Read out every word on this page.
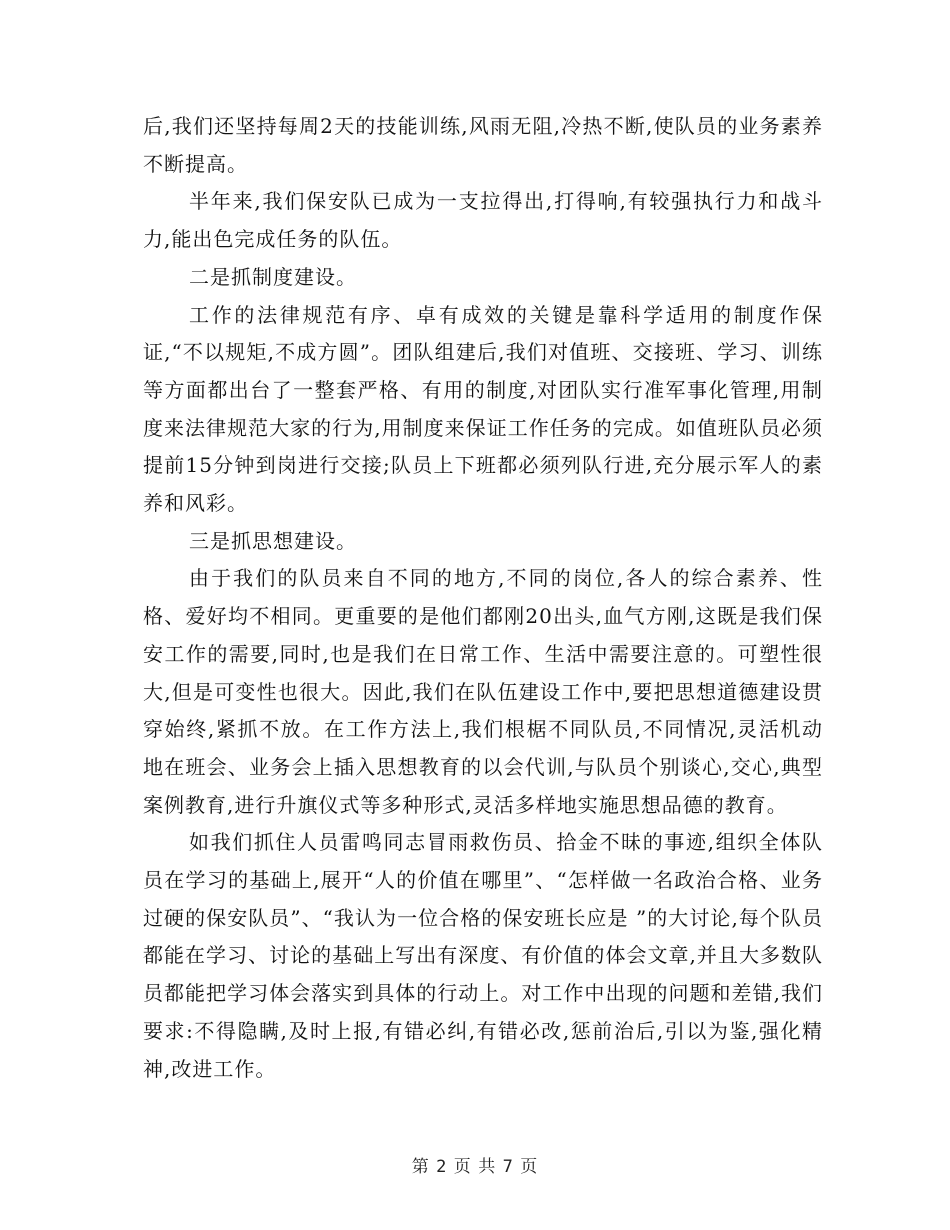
后,我们还坚持每周2天的技能训练,风雨无阻,冷热不断,使队员的业务素养不断提高。

半年来,我们保安队已成为一支拉得出,打得响,有较强执行力和战斗力,能出色完成任务的队伍。

二是抓制度建设。

工作的法律规范有序、卓有成效的关键是靠科学适用的制度作保证,“不以规矩,不成方圆”。团队组建后,我们对值班、交接班、学习、训练等方面都出台了一整套严格、有用的制度,对团队实行准军事化管理,用制度来法律规范大家的行为,用制度来保证工作任务的完成。如值班队员必须提前15分钟到岗进行交接;队员上下班都必须列队行进,充分展示军人的素养和风彩。

三是抓思想建设。

由于我们的队员来自不同的地方,不同的岗位,各人的综合素养、性格、爱好均不相同。更重要的是他们都刚20出头,血气方刚,这既是我们保安工作的需要,同时,也是我们在日常工作、生活中需要注意的。可塑性很大,但是可变性也很大。因此,我们在队伍建设工作中,要把思想道德建设贯穿始终,紧抓不放。在工作方法上,我们根椐不同队员,不同情况,灵活机动地在班会、业务会上插入思想教育的以会代训,与队员个别谈心,交心,典型案例教育,进行升旗仪式等多种形式,灵活多样地实施思想品德的教育。

如我们抓住人员雷鸣同志冒雨救伤员、拾金不昧的事迹,组织全体队员在学习的基础上,展开“人的价值在哪里”、“怎样做一名政治合格、业务过硬的保安队员”、“我认为一位合格的保安班长应是 ”的大讨论,每个队员都能在学习、讨论的基础上写出有深度、有价值的体会文章,并且大多数队员都能把学习体会落实到具体的行动上。对工作中出现的问题和差错,我们要求:不得隐瞒,及时上报,有错必纠,有错必改,惩前治后,引以为鉴,强化精神,改进工作。

第 2 页 共 7 页
